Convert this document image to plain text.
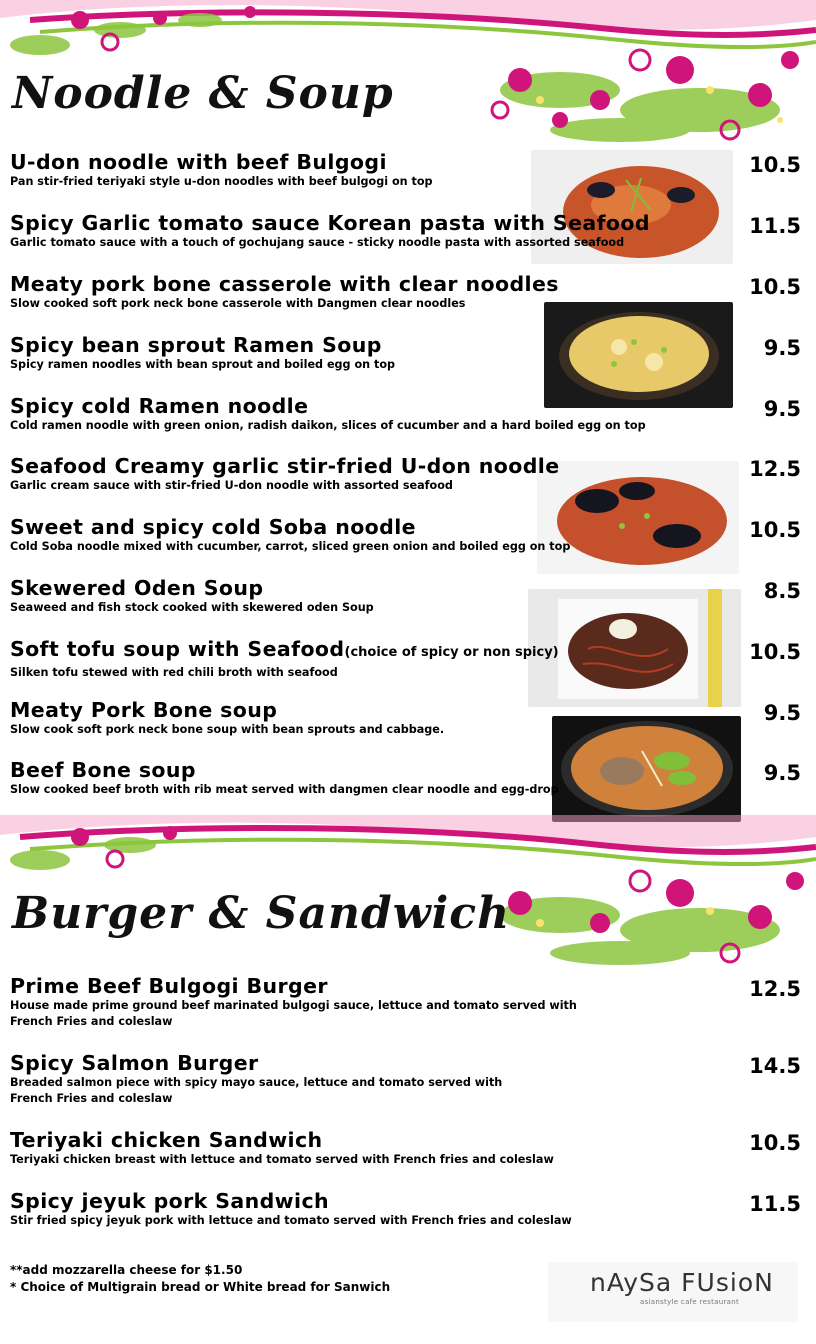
Noodle & Soup
U-don noodle with beef Bulgogi
Pan stir-fried teriyaki style u-don noodles with beef bulgogi on top
10.5
Spicy Garlic tomato sauce Korean pasta with Seafood
Garlic tomato sauce with a touch of gochujang sauce - sticky noodle pasta with assorted seafood
11.5
Meaty pork bone casserole with clear noodles
Slow cooked soft pork neck bone casserole with Dangmen clear noodles
10.5
Spicy bean sprout Ramen Soup
Spicy ramen noodles with bean sprout and boiled egg on top
9.5
Spicy cold Ramen noodle
Cold ramen noodle with green onion, radish daikon, slices of cucumber and a hard boiled egg on top
9.5
Seafood Creamy garlic stir-fried U-don noodle
Garlic cream sauce with stir-fried U-don noodle with assorted seafood
12.5
Sweet and spicy cold Soba noodle
Cold Soba noodle mixed with cucumber, carrot, sliced green onion and boiled egg on top
10.5
Skewered Oden Soup
Seaweed and fish stock cooked with skewered oden Soup
8.5
Soft tofu soup with Seafood(choice of spicy or non spicy)
Silken tofu stewed with red chili broth with seafood
10.5
Meaty Pork Bone soup
Slow cook soft pork neck bone soup with bean sprouts and cabbage.
9.5
Beef Bone soup
Slow cooked beef broth with rib meat served with dangmen clear noodle and egg-drop
9.5
Burger & Sandwich
Prime Beef Bulgogi Burger
House made prime ground beef marinated bulgogi sauce, lettuce and tomato served with
French Fries and coleslaw
12.5
Spicy Salmon Burger
Breaded salmon piece with spicy mayo sauce, lettuce and tomato served with
French Fries and coleslaw
14.5
Teriyaki chicken Sandwich
Teriyaki chicken breast with lettuce and tomato served with French fries and coleslaw
10.5
Spicy jeyuk pork Sandwich
Stir fried spicy jeyuk pork with lettuce and tomato served with French fries and coleslaw
11.5
**add mozzarella cheese for $1.50
* Choice of Multigrain bread or White bread for Sanwich	nAySa FUsioN
asianstyle cafe restaurant
